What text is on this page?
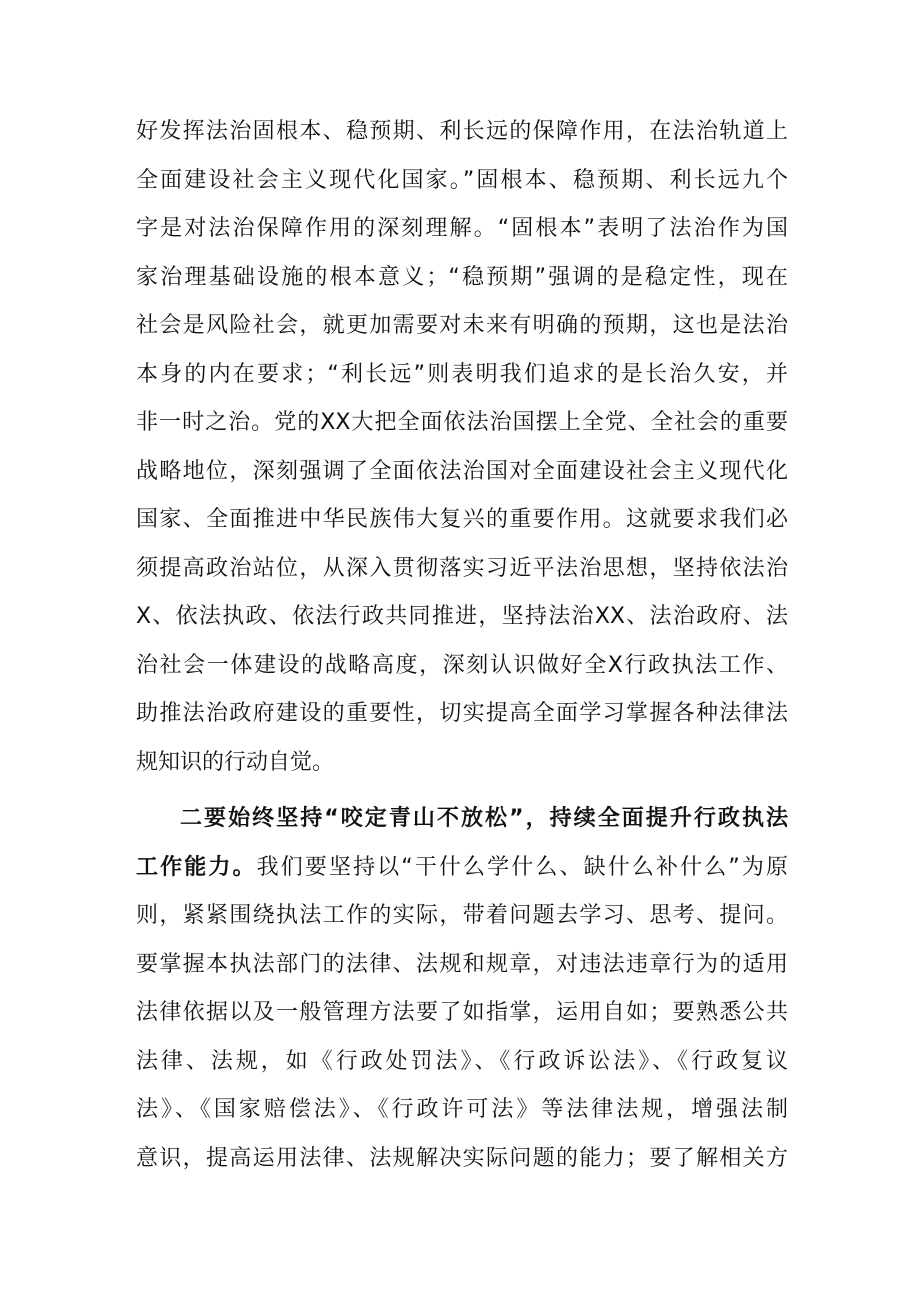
好发挥法治固根本、稳预期、利长远的保障作用，在法治轨道上
全面建设社会主义现代化国家。”固根本、稳预期、利长远九个
字是对法治保障作用的深刻理解。“固根本”表明了法治作为国
家治理基础设施的根本意义；“稳预期”强调的是稳定性，现在
社会是风险社会，就更加需要对未来有明确的预期，这也是法治
本身的内在要求；“利长远”则表明我们追求的是长治久安，并
非一时之治。党的XX大把全面依法治国摆上全党、全社会的重要
战略地位，深刻强调了全面依法治国对全面建设社会主义现代化
国家、全面推进中华民族伟大复兴的重要作用。这就要求我们必
须提高政治站位，从深入贯彻落实习近平法治思想，坚持依法治
X、依法执政、依法行政共同推进，坚持法治XX、法治政府、法
治社会一体建设的战略高度，深刻认识做好全X行政执法工作、
助推法治政府建设的重要性，切实提高全面学习掌握各种法律法
规知识的行动自觉。
二要始终坚持“咬定青山不放松”，持续全面提升行政执法
工作能力。我们要坚持以“干什么学什么、缺什么补什么”为原
则，紧紧围绕执法工作的实际，带着问题去学习、思考、提问。
要掌握本执法部门的法律、法规和规章，对违法违章行为的适用
法律依据以及一般管理方法要了如指掌，运用自如；要熟悉公共
法律、法规，如《行政处罚法》、《行政诉讼法》、《行政复议
法》、《国家赔偿法》、《行政许可法》等法律法规，增强法制
意识，提高运用法律、法规解决实际问题的能力；要了解相关方
